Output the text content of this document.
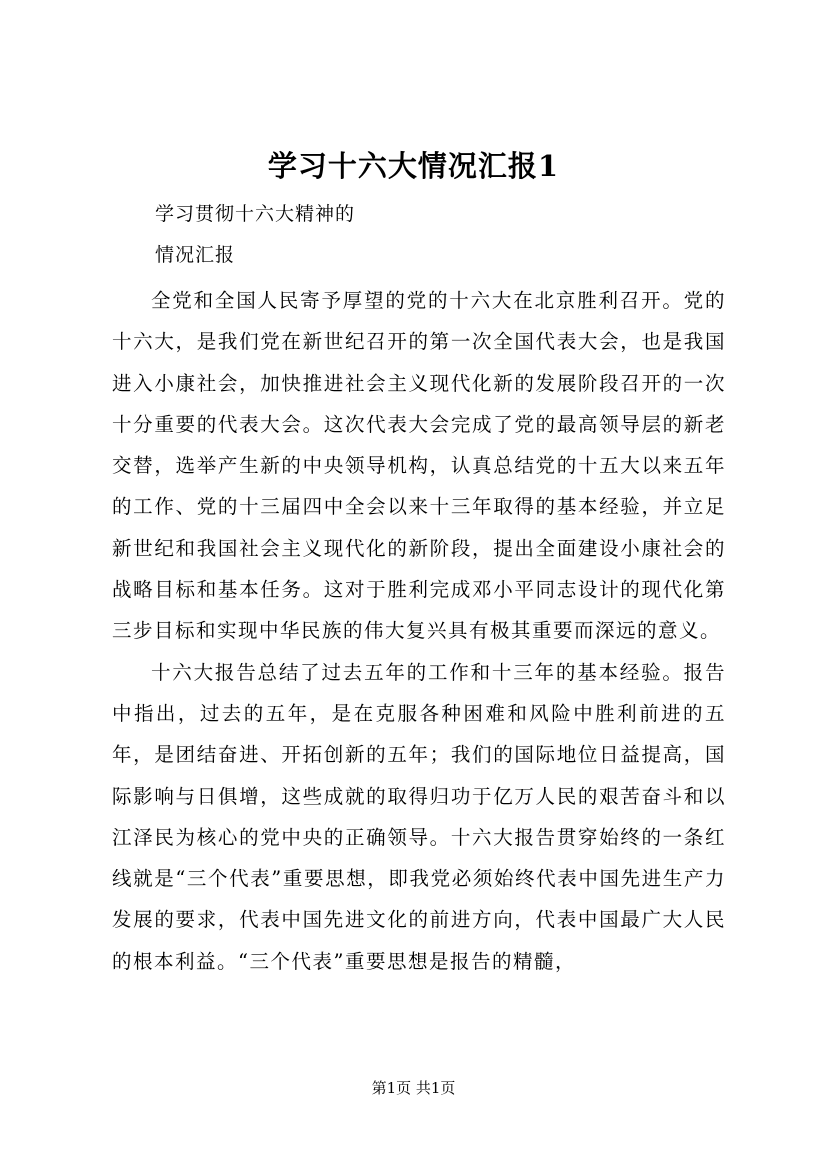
学习十六大情况汇报1
学习贯彻十六大精神的
情况汇报

全党和全国人民寄予厚望的党的十六大在北京胜利召开。党的十六大，是我们党在新世纪召开的第一次全国代表大会，也是我国进入小康社会，加快推进社会主义现代化新的发展阶段召开的一次十分重要的代表大会。这次代表大会完成了党的最高领导层的新老交替，选举产生新的中央领导机构，认真总结党的十五大以来五年的工作、党的十三届四中全会以来十三年取得的基本经验，并立足新世纪和我国社会主义现代化的新阶段，提出全面建设小康社会的战略目标和基本任务。这对于胜利完成邓小平同志设计的现代化第三步目标和实现中华民族的伟大复兴具有极其重要而深远的意义。

十六大报告总结了过去五年的工作和十三年的基本经验。报告中指出，过去的五年，是在克服各种困难和风险中胜利前进的五年，是团结奋进、开拓创新的五年；我们的国际地位日益提高，国际影响与日俱增，这些成就的取得归功于亿万人民的艰苦奋斗和以江泽民为核心的党中央的正确领导。十六大报告贯穿始终的一条红线就是“三个代表”重要思想，即我党必须始终代表中国先进生产力发展的要求，代表中国先进文化的前进方向，代表中国最广大人民的根本利益。“三个代表”重要思想是报告的精髓，

第1页 共1页
